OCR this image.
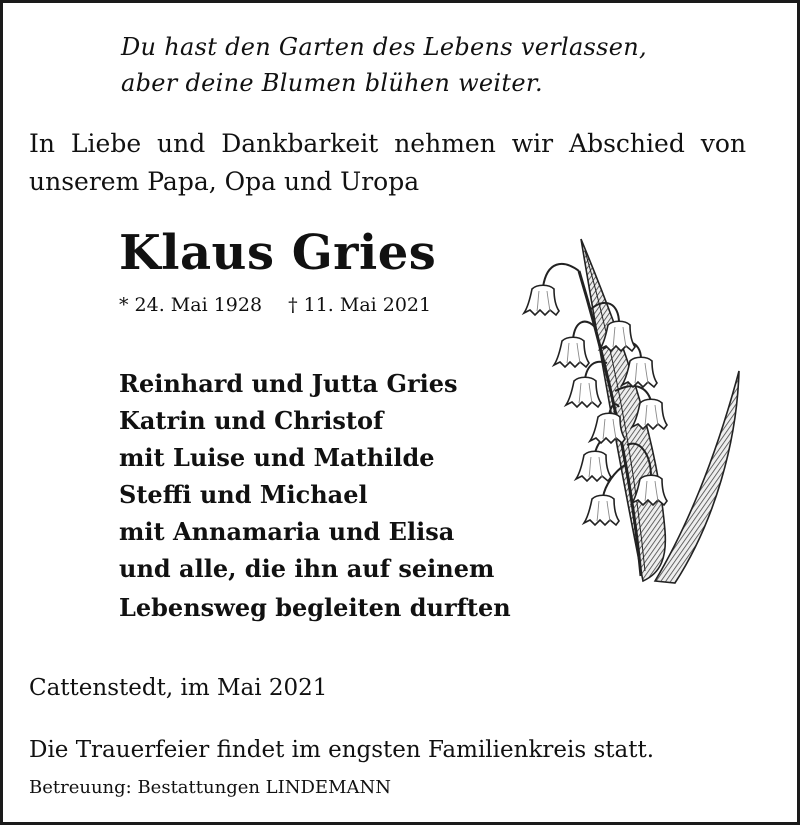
Du hast den Garten des Lebens verlassen,
aber deine Blumen blühen weiter.
In Liebe und Dankbarkeit nehmen wir Abschied von
unserem Papa, Opa und Uropa
Klaus Gries
* 24. Mai 1928 † 11. Mai 2021
Reinhard und Jutta Gries
Katrin und Christof
mit Luise und Mathilde
Steffi und Michael
mit Annamaria und Elisa
und alle, die ihn auf seinem
Lebensweg begleiten durften
Cattenstedt, im Mai 2021
Die Trauerfeier findet im engsten Familienkreis statt.
Betreuung: Bestattungen LINDEMANN
